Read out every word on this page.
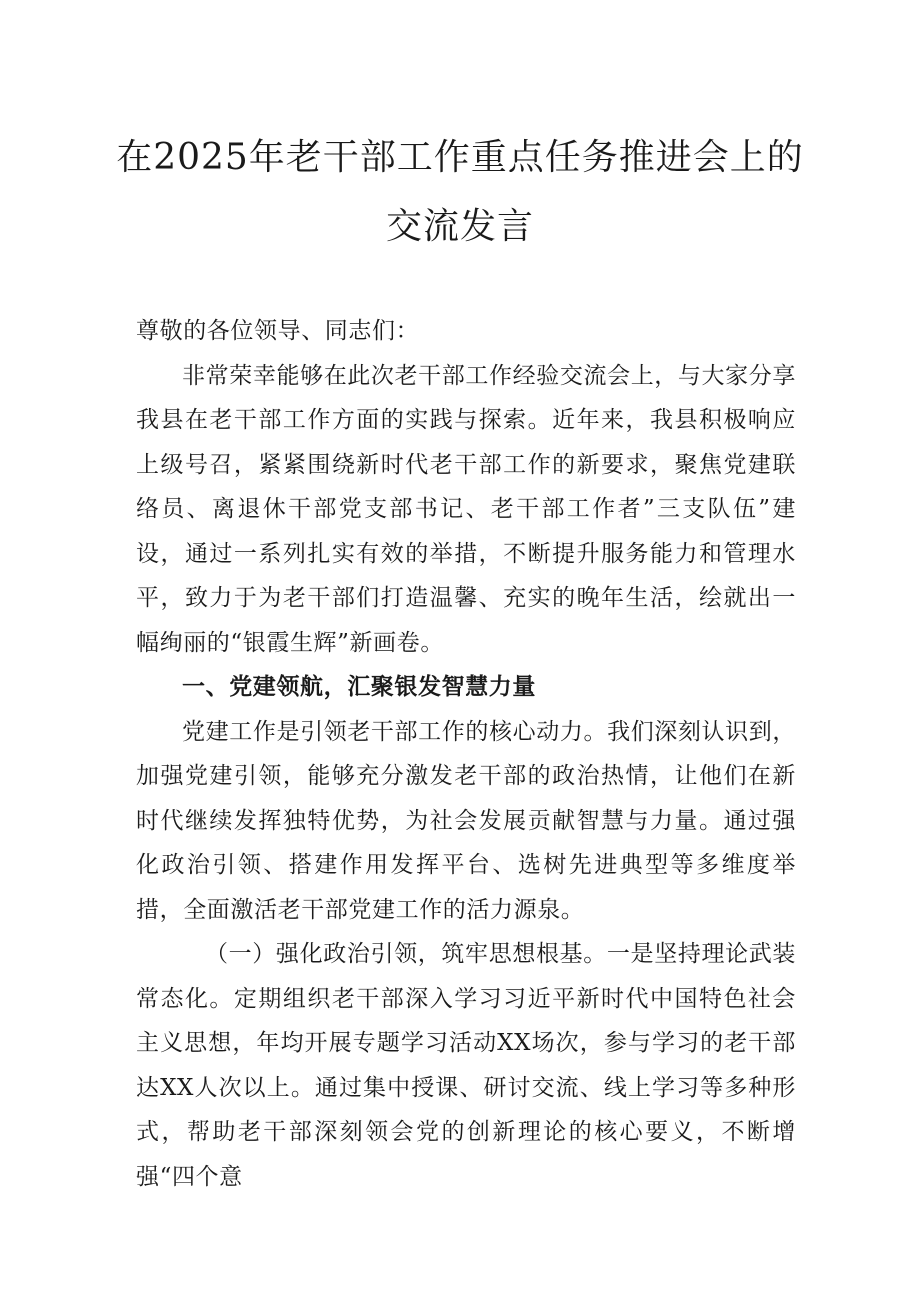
在2025年老干部工作重点任务推进会上的
交流发言

尊敬的各位领导、同志们：

非常荣幸能够在此次老干部工作经验交流会上，与大家分享我县在老干部工作方面的实践与探索。近年来，我县积极响应上级号召，紧紧围绕新时代老干部工作的新要求，聚焦党建联络员、离退休干部党支部书记、老干部工作者”三支队伍”建设，通过一系列扎实有效的举措，不断提升服务能力和管理水平，致力于为老干部们打造温馨、充实的晚年生活，绘就出一幅绚丽的“银霞生辉”新画卷。

一、党建领航，汇聚银发智慧力量

党建工作是引领老干部工作的核心动力。我们深刻认识到，加强党建引领，能够充分激发老干部的政治热情，让他们在新时代继续发挥独特优势，为社会发展贡献智慧与力量。通过强化政治引领、搭建作用发挥平台、选树先进典型等多维度举措，全面激活老干部党建工作的活力源泉。

（一）强化政治引领，筑牢思想根基。一是坚持理论武装常态化。定期组织老干部深入学习习近平新时代中国特色社会主义思想，年均开展专题学习活动XX场次，参与学习的老干部达XX人次以上。通过集中授课、研讨交流、线上学习等多种形式，帮助老干部深刻领会党的创新理论的核心要义，不断增强“四个意
